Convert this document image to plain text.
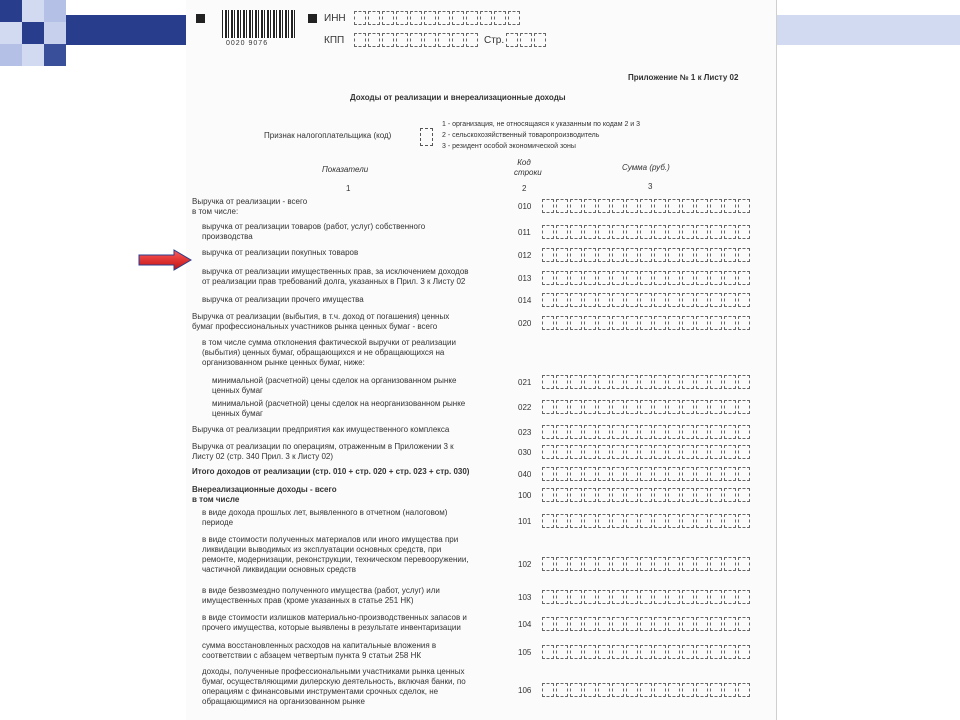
0020 9076
ИНН
КПП	Стр.
Приложение № 1 к Листу 02
Доходы от реализации и внереализационные доходы
Признак налогоплательщика (код)
1 - организация, не относящаяся к указанным по кодам 2 и 3
2 - сельскохозяйственный товаропроизводитель
3 - резидент особой экономической зоны
Показатели
Код строки
Сумма (руб.)
1	2	3
Выручка от реализации - всего
в том числе:
010
выручка от реализации товаров (работ, услуг) собственного
производства	011
выручка от реализации покупных товаров	012
выручка от реализации имущественных прав, за исключением доходов
от реализации прав требований долга, указанных в Прил. 3 к Листу 02	013
выручка от реализации прочего имущества	014
Выручка от реализации (выбытия, в т.ч. доход от погашения) ценных
бумаг профессиональных участников рынка ценных бумаг - всего	020
в том числе сумма отклонения фактической выручки от реализации
(выбытия) ценных бумаг, обращающихся и не обращающихся на
организованном рынке ценных бумаг, ниже:
минимальной (расчетной) цены сделок на организованном рынке
ценных бумаг
021
минимальной (расчетной) цены сделок на неорганизованном рынке
ценных бумаг
022
Выручка от реализации предприятия как имущественного комплекса	023
Выручка от реализации по операциям, отраженным в Приложении 3 к
Листу 02 (стр. 340 Прил. 3 к Листу 02)	030
Итого доходов от реализации (стр. 010 + стр. 020 + стр. 023 + стр. 030)	040
Внереализационные доходы - всего
в том числе	100
в виде дохода прошлых лет, выявленного в отчетном (налоговом)
периоде	101
в виде стоимости полученных материалов или иного имущества при
ликвидации выводимых из эксплуатации основных средств, при
ремонте, модернизации, реконструкции, техническом перевооружении,
частичной ликвидации основных средств
102
в виде безвозмездно полученного имущества (работ, услуг) или
имущественных прав (кроме указанных в статье 251 НК)	103
в виде стоимости излишков материально-производственных запасов и
прочего имущества, которые выявлены в результате инвентаризации	104
сумма восстановленных расходов на капитальные вложения в
соответствии с абзацем четвертым пункта 9 статьи 258 НК	105
доходы, полученные профессиональными участниками рынка ценных
бумаг, осуществляющими дилерскую деятельность, включая банки, по
операциям с финансовыми инструментами срочных сделок, не
обращающимися на организованном рынке
106
